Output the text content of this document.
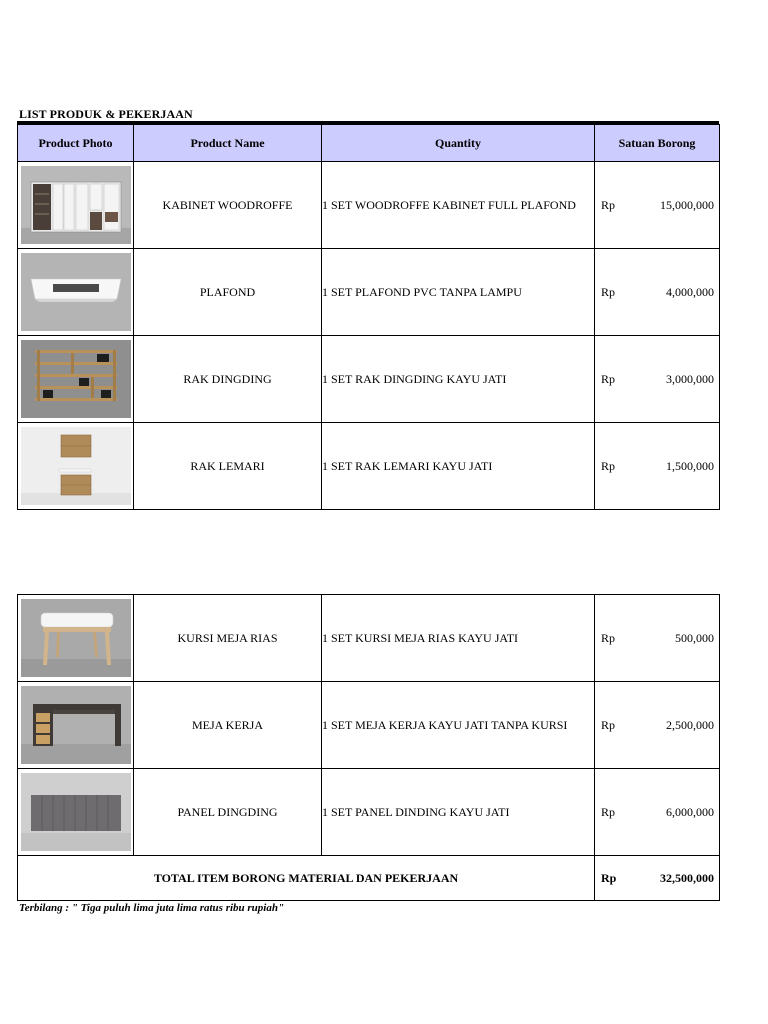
LIST PRODUK & PEKERJAAN
Product Photo	Product Name	Quantity	Satuan Borong

	KABINET WOODROFFE	1 SET WOODROFFE KABINET FULL PLAFOND	Rp 15,000,000

	PLAFOND	1 SET PLAFOND PVC TANPA LAMPU	Rp 4,000,000

	RAK DINGDING	1 SET RAK DINGDING KAYU JATI	Rp 3,000,000

	RAK LEMARI	1 SET RAK LEMARI KAYU JATI	Rp 1,500,000
	KURSI MEJA RIAS	1 SET KURSI MEJA RIAS KAYU JATI	Rp 500,000

	MEJA KERJA	1 SET MEJA KERJA KAYU JATI TANPA KURSI	Rp 2,500,000

	PANEL DINGDING	1 SET PANEL DINDING KAYU JATI	Rp 6,000,000

TOTAL ITEM BORONG MATERIAL DAN PEKERJAAN			Rp 32,500,000
Terbilang : " Tiga puluh lima juta lima ratus ribu rupiah"
